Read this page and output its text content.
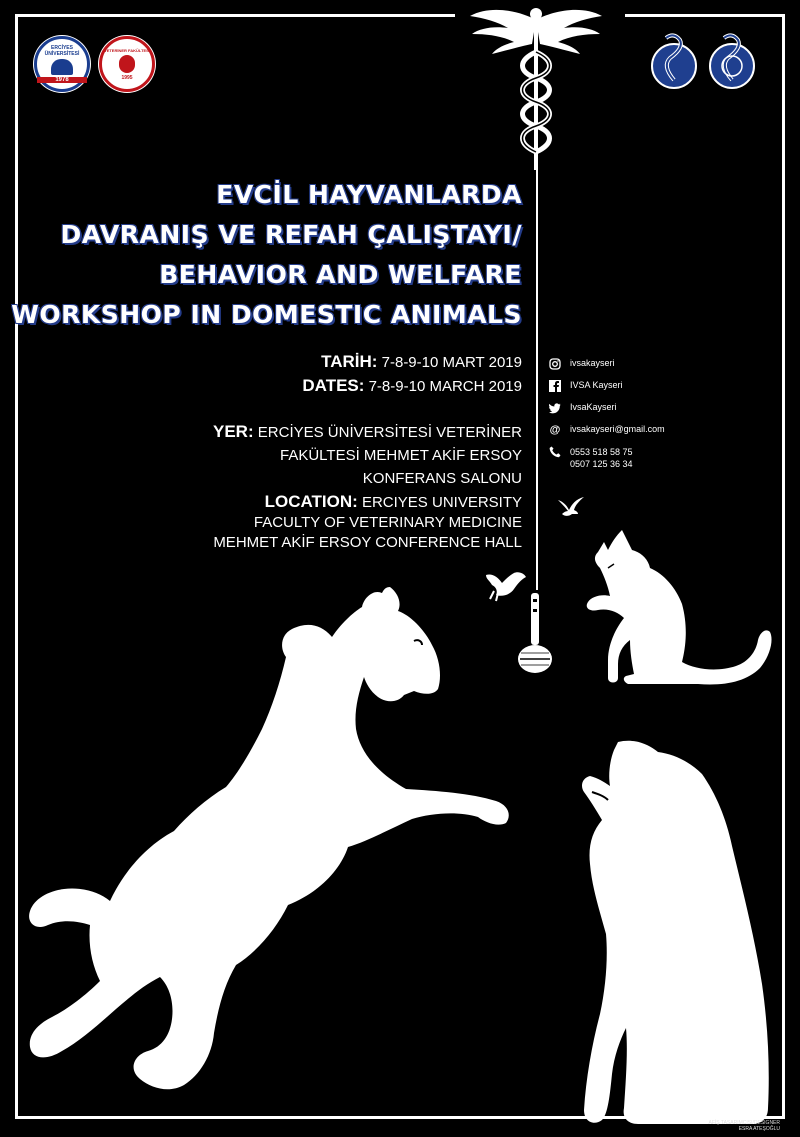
ERCİYES ÜNİVERSİTESİ
1978
VETERİNER FAKÜLTESİ
1995
EVCİL HAYVANLARDA
DAVRANIŞ VE REFAH ÇALIŞTAYI/
BEHAVIOR AND WELFARE
WORKSHOP IN DOMESTIC ANIMALS
TARİH: 7-8-9-10 MART 2019
DATES: 7-8-9-10 MARCH 2019
YER: ERCİYES ÜNİVERSİTESİ VETERİNER
FAKÜLTESİ MEHMET AKİF ERSOY
KONFERANS SALONU
LOCATION: ERCIYES UNIVERSITY
FACULTY OF VETERINARY MEDICINE
MEHMET AKİF ERSOY CONFERENCE HALL
ivsakayseri
IVSA Kayseri
IvsaKayseri
@ ivsakayseri@gmail.com
0553 518 58 75
0507 125 36 34
AFİŞ TASARIMCISI/DESIGNER
ESRA ATEŞOĞLU
